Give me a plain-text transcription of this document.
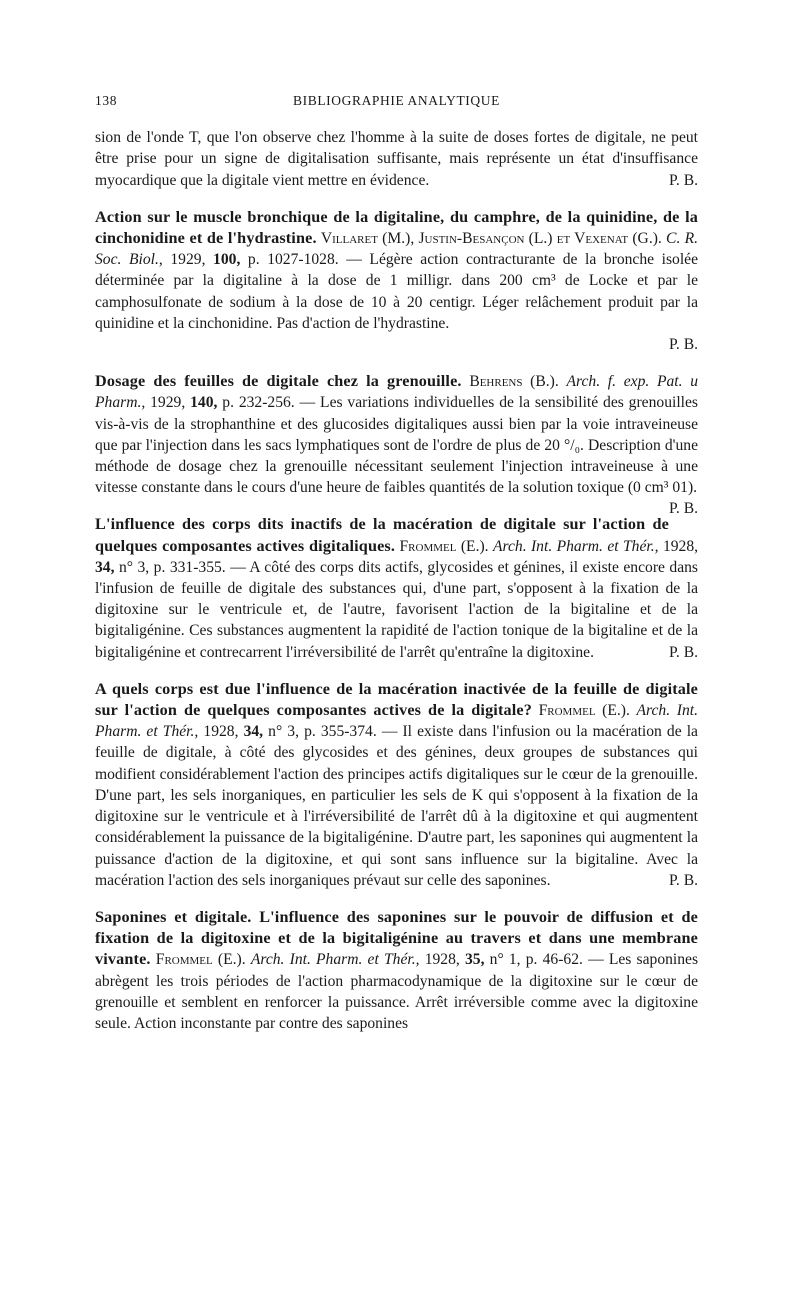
138	BIBLIOGRAPHIE ANALYTIQUE

sion de l'onde T, que l'on observe chez l'homme à la suite de doses fortes de digitale, ne peut être prise pour un signe de digitalisation suffisante, mais représente un état d'insuffisance myocardique que la digitale vient mettre en évidence.	P. B.

Action sur le muscle bronchique de la digitaline, du camphre, de la quinidine, de la cinchonidine et de l'hydrastine. Villaret (M.), Justin-Besançon (L.) et Vexenat (G.). C. R. Soc. Biol., 1929, 100, p. 1027-1028. — Légère action contracturante de la bronche isolée déterminée par la digitaline à la dose de 1 milligr. dans 200 cm³ de Locke et par le camphosulfonate de sodium à la dose de 10 à 20 centigr. Léger relâchement produit par la quinidine et la cinchonidine. Pas d'action de l'hydrastine.

P. B.

Dosage des feuilles de digitale chez la grenouille. Behrens (B.). Arch. f. exp. Pat. u Pharm., 1929, 140, p. 232-256. — Les variations individuelles de la sensibilité des grenouilles vis-à-vis de la strophanthine et des glucosides digitaliques aussi bien par la voie intraveineuse que par l'injection dans les sacs lymphatiques sont de l'ordre de plus de 20 °/₀. Description d'une méthode de dosage chez la grenouille nécessitant seulement l'injection intraveineuse à une vitesse constante dans le cours d'une heure de faibles quantités de la solution toxique (0 cm³ 01).
P. B.

L'influence des corps dits inactifs de la macération de digitale sur l'action de quelques composantes actives digitaliques. Frommel (E.). Arch. Int. Pharm. et Thér., 1928, 34, n° 3, p. 331-355. — A côté des corps dits actifs, glycosides et génines, il existe encore dans l'infusion de feuille de digitale des substances qui, d'une part, s'opposent à la fixation de la digitoxine sur le ventricule et, de l'autre, favorisent l'action de la bigitaline et de la bigitaligénine. Ces substances augmentent la rapidité de l'action tonique de la bigitaline et de la bigitaligénine et contrecarrent l'irréversibilité de l'arrêt qu'entraîne la digitoxine.	P. B.

A quels corps est due l'influence de la macération inactivée de la feuille de digitale sur l'action de quelques composantes actives de la digitale? Frommel (E.). Arch. Int. Pharm. et Thér., 1928, 34, n° 3, p. 355-374. — Il existe dans l'infusion ou la macération de la feuille de digitale, à côté des glycosides et des génines, deux groupes de substances qui modifient considérablement l'action des principes actifs digitaliques sur le cœur de la grenouille. D'une part, les sels inorganiques, en particulier les sels de K qui s'opposent à la fixation de la digitoxine sur le ventricule et à l'irréversibilité de l'arrêt dû à la digitoxine et qui augmentent considérablement la puissance de la bigitaligénine. D'autre part, les saponines qui augmentent la puissance d'action de la digitoxine, et qui sont sans influence sur la bigitaline. Avec la macération l'action des sels inorganiques prévaut sur celle des saponines.	P. B.

Saponines et digitale. L'influence des saponines sur le pouvoir de diffusion et de fixation de la digitoxine et de la bigitaligénine au travers et dans une membrane vivante. Frommel (E.). Arch. Int. Pharm. et Thér., 1928, 35, n° 1, p. 46-62. — Les saponines abrègent les trois périodes de l'action pharmacodynamique de la digitoxine sur le cœur de grenouille et semblent en renforcer la puissance. Arrêt irréversible comme avec la digitoxine seule. Action inconstante par contre des saponines
